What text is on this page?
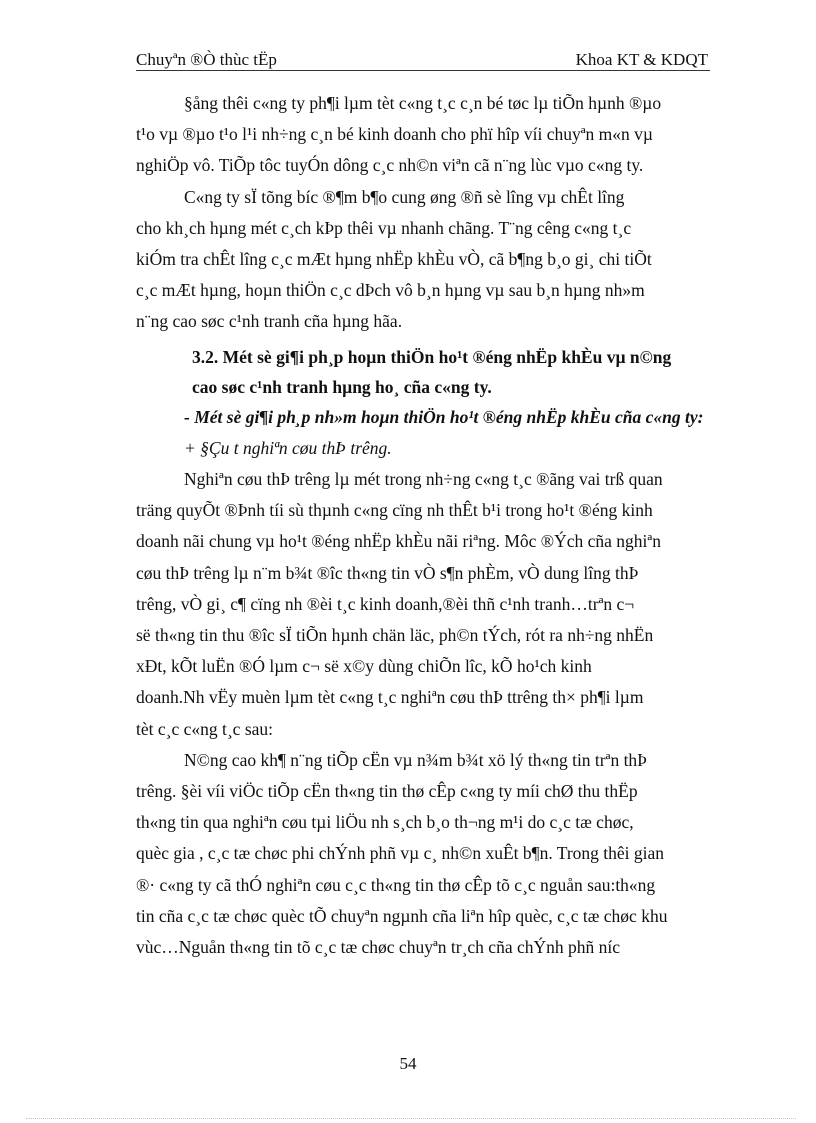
Chuyªn ®Ò thùc tËp	Khoa KT & KDQT
§ång thêi c«ng ty ph¶i lµm tèt c«ng t¸c c¸n bé tøc lµ tiÕn hµnh ®µo
t¹o vµ ®µo t¹o l¹i nh÷ng c¸n bé kinh doanh cho phï hîp víi chuyªn m«n vµ
nghiÖp vô. TiÕp tôc tuyÓn dông c¸c nh©n viªn cã n¨ng lùc vµo c«ng ty.
C«ng ty sÏ tõng bíc ®¶m b¶o cung øng ®ñ sè lîng vµ chÊt lîng
cho kh¸ch hµng mét c¸ch kÞp thêi vµ nhanh chãng. T¨ng cêng c«ng t¸c
kiÓm tra chÊt lîng c¸c mÆt hµng nhËp khÈu vÒ, cã b¶ng b¸o gi¸ chi tiÕt
c¸c mÆt hµng, hoµn thiÖn c¸c dÞch vô b¸n hµng vµ sau b¸n hµng nh»m
n¨ng cao søc c¹nh tranh cña hµng hãa.
3.2. Mét sè gi¶i ph¸p hoµn thiÖn ho¹t ®éng nhËp khÈu vµ n©ng
cao søc c¹nh tranh hµng ho¸ cña c«ng ty.

- Mét sè gi¶i ph¸p nh»m hoµn thiÖn ho¹t ®éng nhËp khÈu cña c«ng ty:

+ §Çu t nghiªn cøu thÞ trêng.

Nghiªn cøu thÞ trêng lµ mét trong nh÷ng c«ng t¸c ®ãng vai trß quan
träng quyÕt ®Þnh tíi sù thµnh c«ng cïng nh thÊt b¹i trong ho¹t ®éng kinh
doanh nãi chung vµ ho¹t ®éng nhËp khÈu nãi riªng. Môc ®Ých cña nghiªn
cøu thÞ trêng lµ n¨m b¾t ®îc th«ng tin vÒ s¶n phÈm, vÒ dung lîng thÞ
trêng, vÒ gi¸ c¶ cïng nh ®èi t¸c kinh doanh,®èi thñ c¹nh tranh…trªn c¬
së th«ng tin thu ®îc sÏ tiÕn hµnh chän läc, ph©n tÝch, rót ra nh÷ng nhËn
xÐt, kÕt luËn ®Ó lµm c¬ së x©y dùng chiÕn lîc, kÕ ho¹ch kinh
doanh.Nh vËy muèn lµm tèt c«ng t¸c nghiªn cøu thÞ ttrêng th× ph¶i lµm
tèt c¸c c«ng t¸c sau:
N©ng cao kh¶ n¨ng tiÕp cËn vµ n¾m b¾t xö lý th«ng tin trªn thÞ
trêng. §èi víi viÖc tiÕp cËn th«ng tin thø cÊp c«ng ty míi chØ thu thËp
th«ng tin qua nghiªn cøu tµi liÖu nh s¸ch b¸o th¬ng m¹i do c¸c tæ chøc,
quèc gia , c¸c tæ chøc phi chÝnh phñ vµ c¸ nh©n xuÊt b¶n. Trong thêi gian
®· c«ng ty cã thÓ nghiªn cøu c¸c th«ng tin thø cÊp tõ c¸c nguån sau:th«ng
tin cña c¸c tæ chøc quèc tÕ chuyªn ngµnh cña liªn hîp quèc, c¸c tæ chøc khu
vùc…Nguån th«ng tin tõ c¸c tæ chøc chuyªn tr¸ch cña chÝnh phñ níc
54
